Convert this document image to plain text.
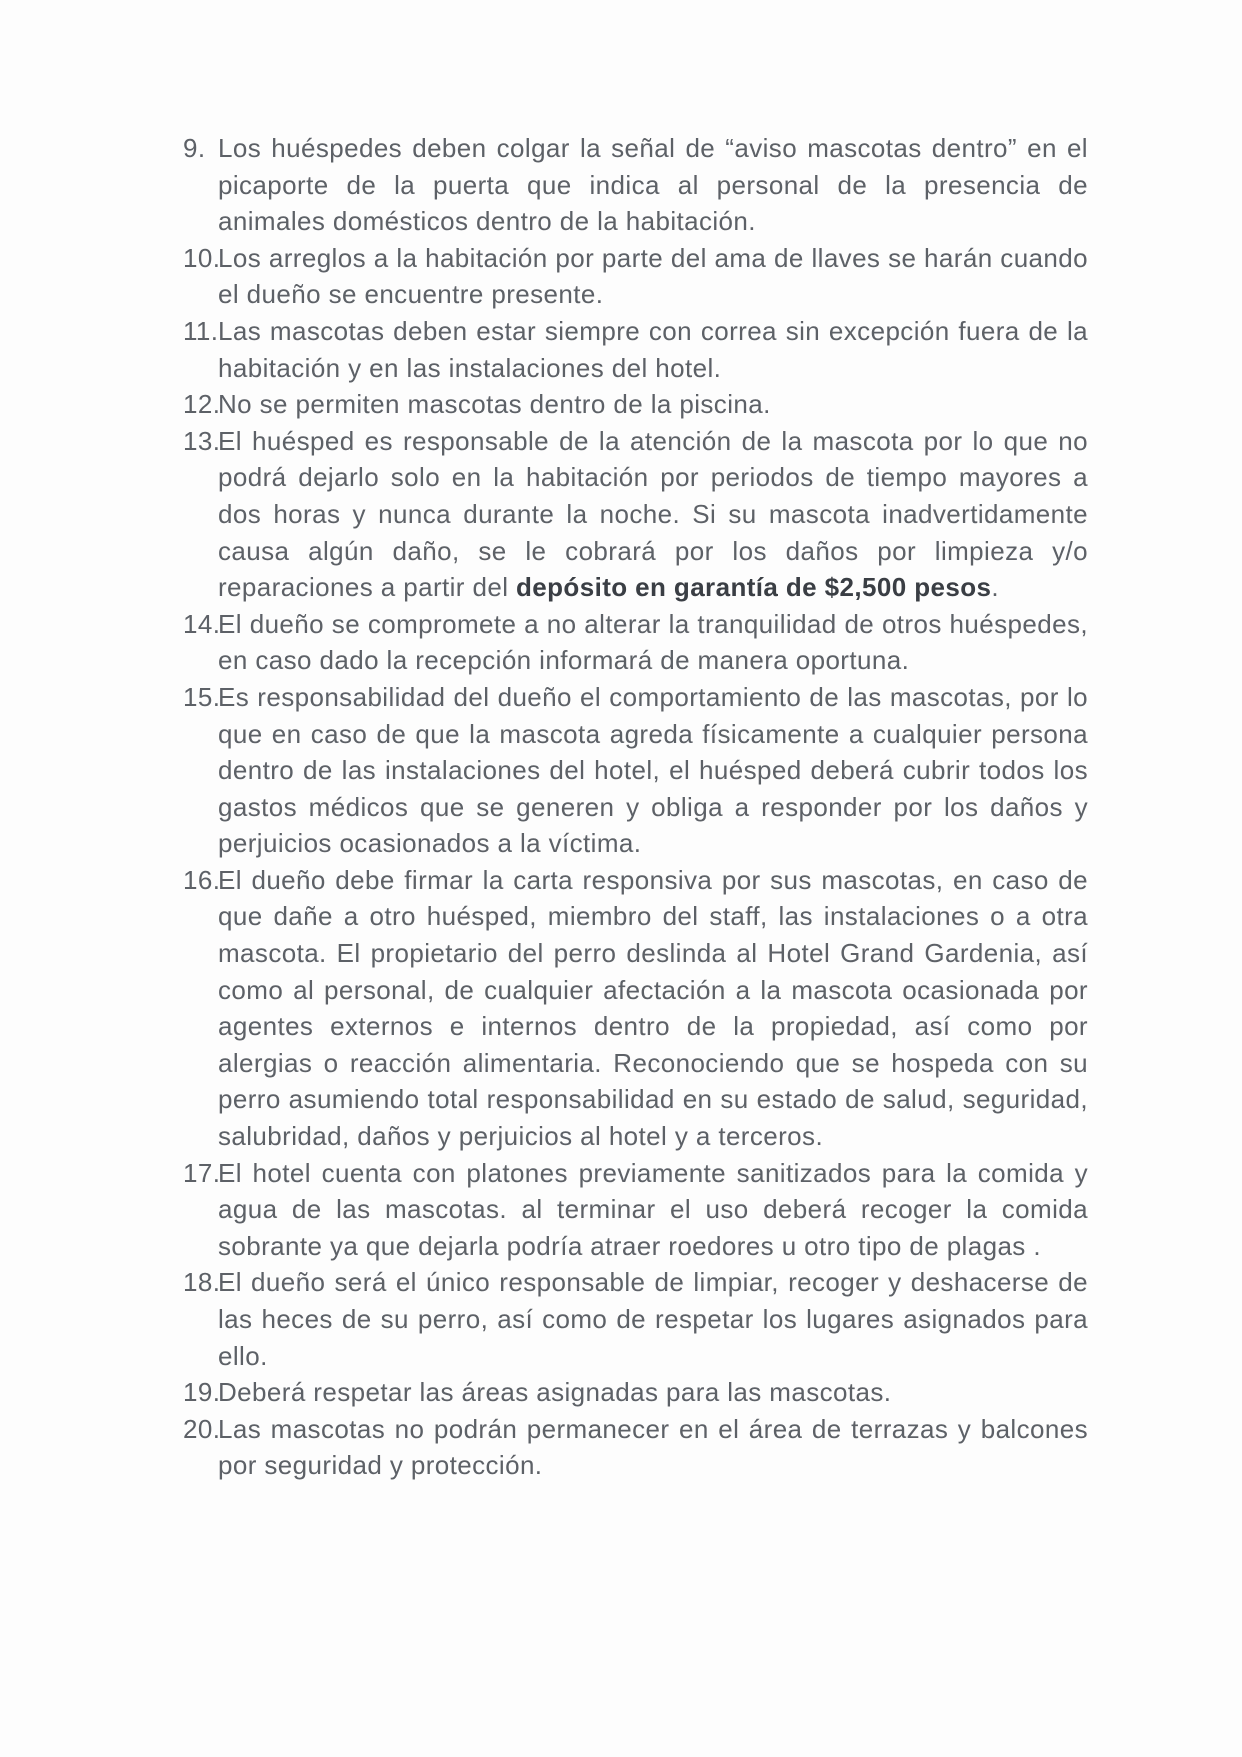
9. Los huéspedes deben colgar la señal de “aviso mascotas dentro” en el picaporte de la puerta que indica al personal de la presencia de animales domésticos dentro de la habitación.
10.
Los arreglos a la habitación por parte del ama de llaves se harán cuando el dueño se encuentre presente.
11. Las mascotas deben estar siempre con correa sin excepción fuera de la habitación y en las instalaciones del hotel.
12.
No se permiten mascotas dentro de la piscina.
13.
El huésped es responsable de la atención de la mascota por lo que no podrá dejarlo solo en la habitación por periodos de tiempo mayores a dos horas y nunca durante la noche. Si su mascota inadvertidamente causa algún daño, se le cobrará por los daños por limpieza y/o reparaciones a partir del depósito en garantía de $2,500 pesos.
14.
El dueño se compromete a no alterar la tranquilidad de otros huéspedes, en caso dado la recepción informará de manera oportuna.
15.
Es responsabilidad del dueño el comportamiento de las mascotas, por lo que en caso de que la mascota agreda físicamente a cualquier persona dentro de las instalaciones del hotel, el huésped deberá cubrir todos los gastos médicos que se generen y obliga a responder por los daños y perjuicios ocasionados a la víctima.
16.
El dueño debe firmar la carta responsiva por sus mascotas, en caso de que dañe a otro huésped, miembro del staff, las instalaciones o a otra mascota. El propietario del perro deslinda al Hotel Grand Gardenia, así como al personal, de cualquier afectación a la mascota ocasionada por agentes externos e internos dentro de la propiedad, así como por alergias o reacción alimentaria. Reconociendo que se hospeda con su perro asumiendo total responsabilidad en su estado de salud, seguridad, salubridad, daños y perjuicios al hotel y a terceros.
17.
El hotel cuenta con platones previamente sanitizados para la comida y agua de las mascotas. al terminar el uso deberá recoger la comida sobrante ya que dejarla podría atraer roedores u otro tipo de plagas .
18.
El dueño será el único responsable de limpiar, recoger y deshacerse de las heces de su perro, así como de respetar los lugares asignados para ello.
19.
Deberá respetar las áreas asignadas para las mascotas.
20.
Las mascotas no podrán permanecer en el área de terrazas y balcones por seguridad y protección.
